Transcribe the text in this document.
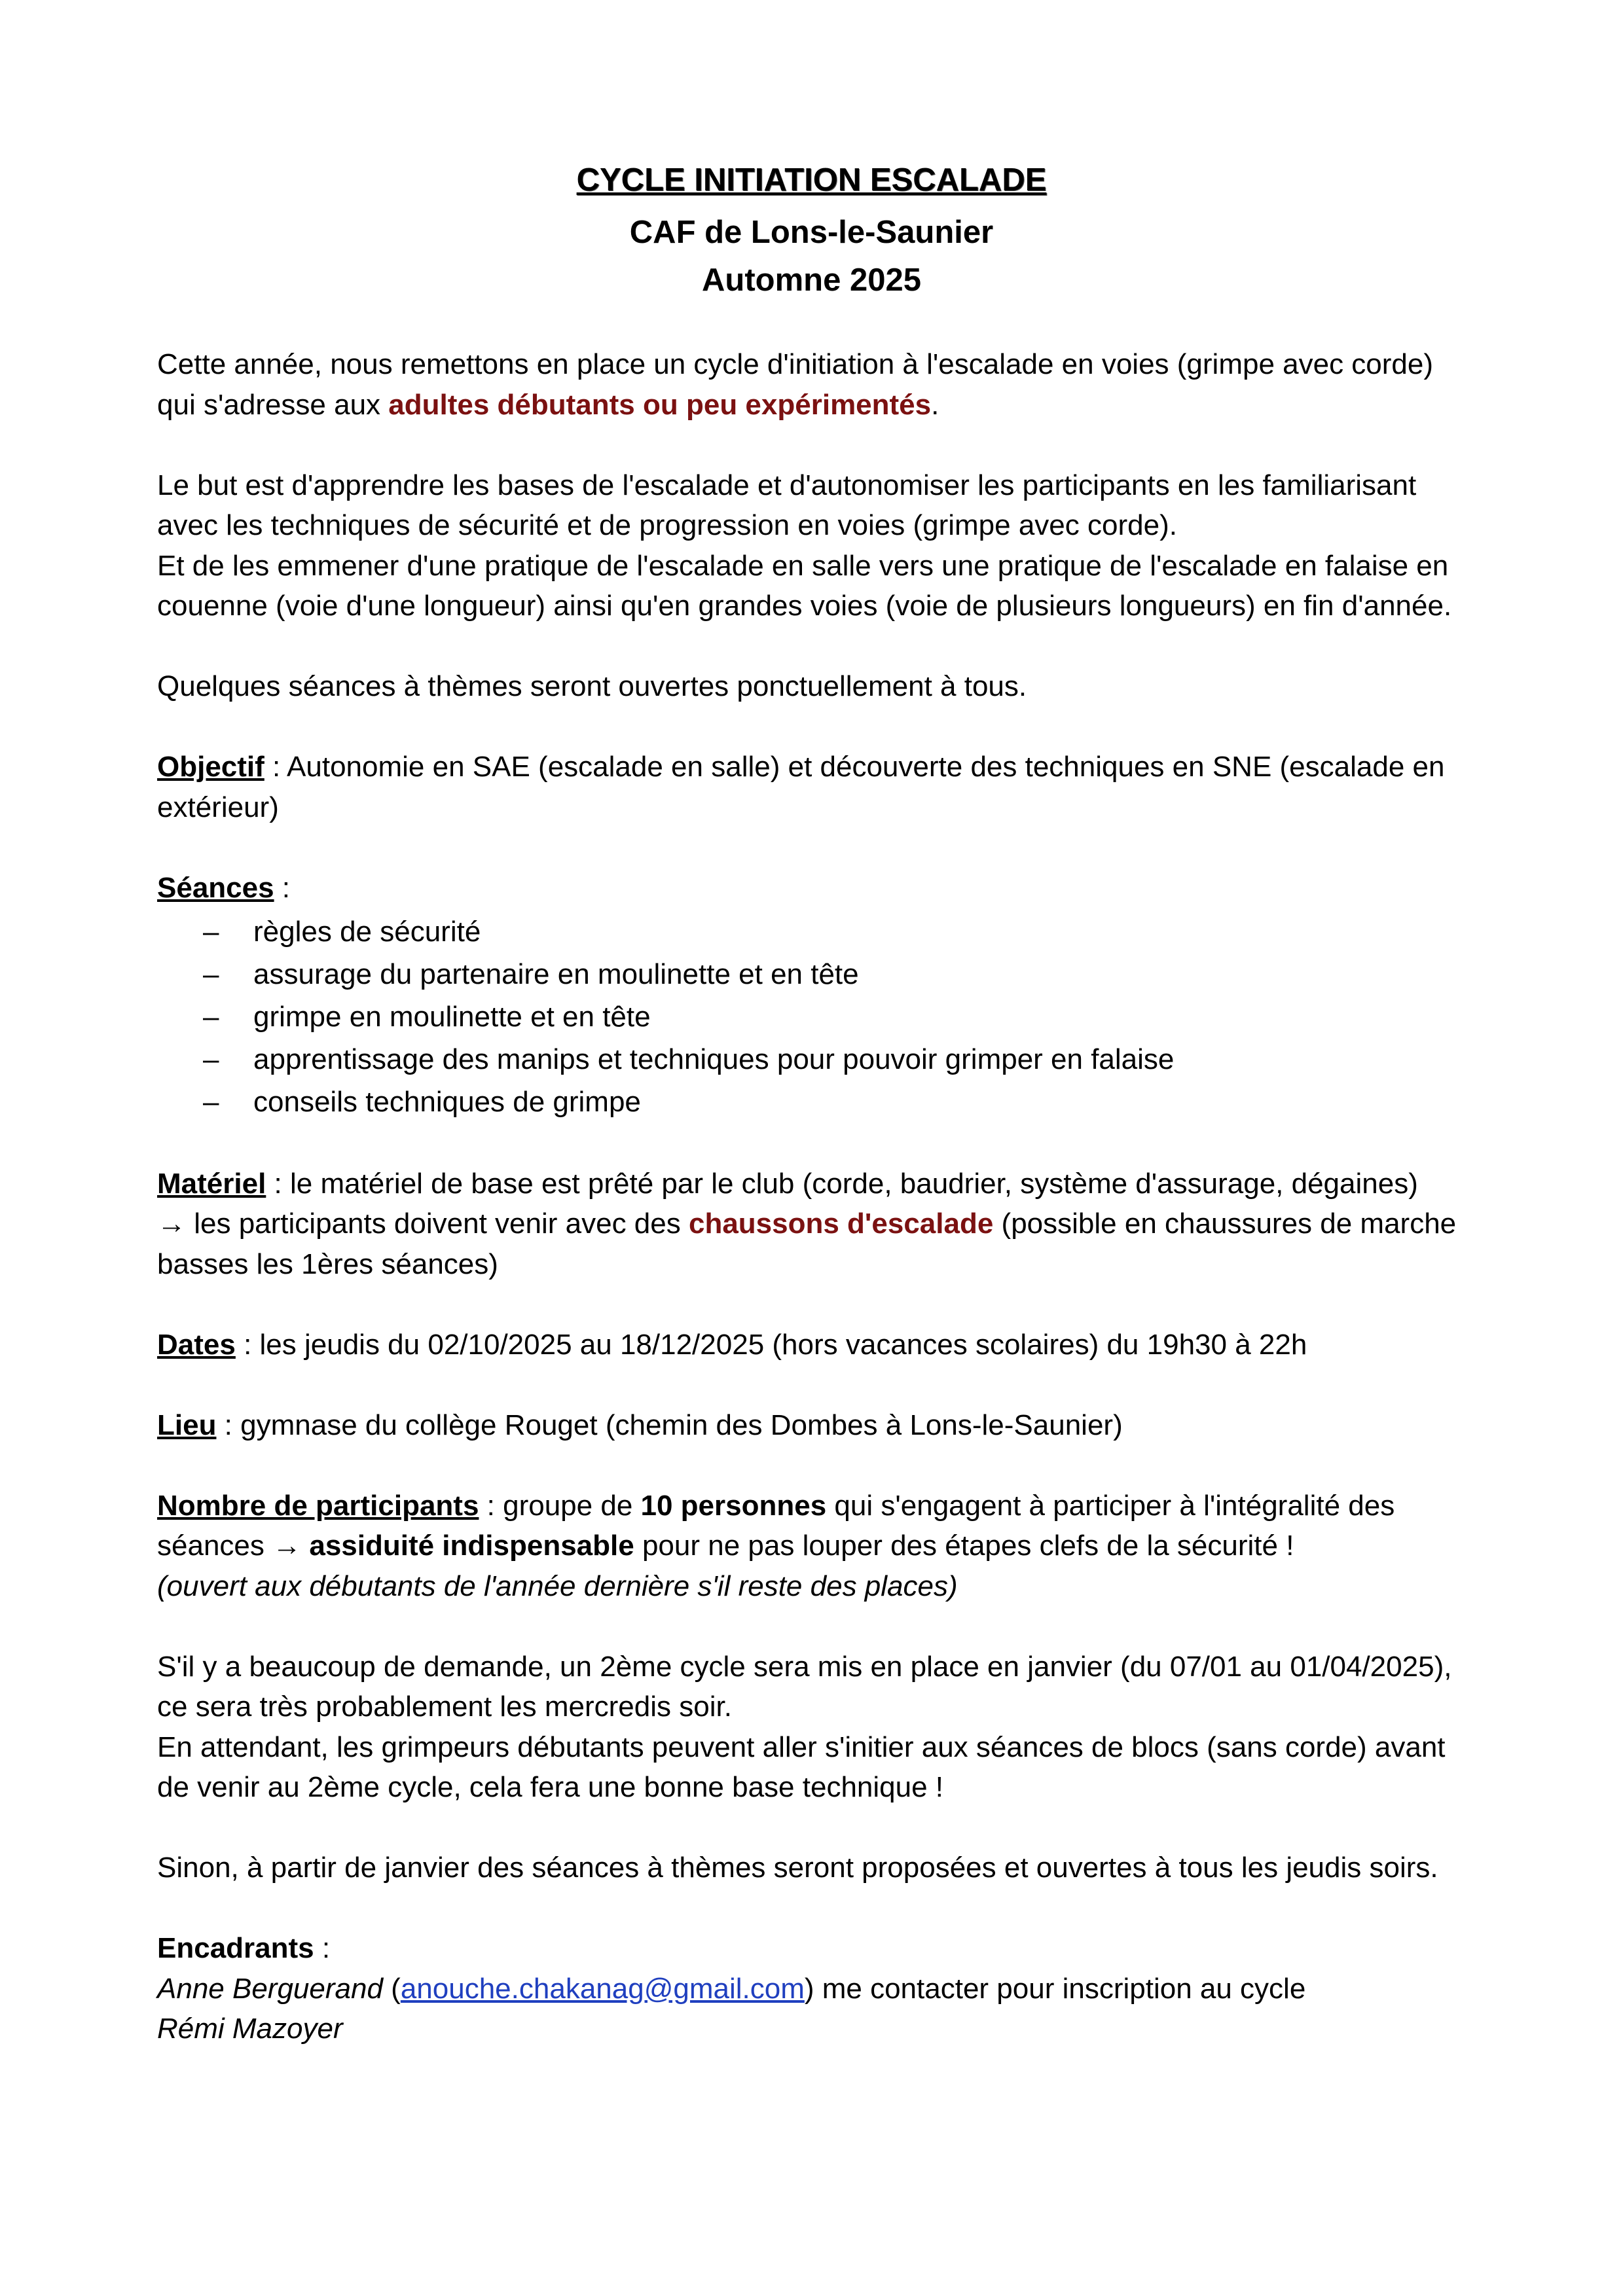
CYCLE INITIATION ESCALADE
CAF de Lons-le-Saunier
Automne 2025

Cette année, nous remettons en place un cycle d'initiation à l'escalade en voies (grimpe avec corde) qui s'adresse aux adultes débutants ou peu expérimentés.

Le but est d'apprendre les bases de l'escalade et d'autonomiser les participants en les familiarisant avec les techniques de sécurité et de progression en voies (grimpe avec corde).
Et de les emmener d'une pratique de l'escalade en salle vers une pratique de l'escalade en falaise en couenne (voie d'une longueur) ainsi qu'en grandes voies (voie de plusieurs longueurs) en fin d'année.

Quelques séances à thèmes seront ouvertes ponctuellement à tous.

Objectif : Autonomie en SAE (escalade en salle) et découverte des techniques en SNE (escalade en extérieur)

Séances :

– règles de sécurité
– assurage du partenaire en moulinette et en tête
– grimpe en moulinette et en tête
– apprentissage des manips et techniques pour pouvoir grimper en falaise
– conseils techniques de grimpe

Matériel : le matériel de base est prêté par le club (corde, baudrier, système d'assurage, dégaines)
→ les participants doivent venir avec des chaussons d'escalade (possible en chaussures de marche basses les 1ères séances)

Dates : les jeudis du 02/10/2025 au 18/12/2025 (hors vacances scolaires) du 19h30 à 22h

Lieu : gymnase du collège Rouget (chemin des Dombes à Lons-le-Saunier)

Nombre de participants : groupe de 10 personnes qui s'engagent à participer à l'intégralité des séances → assiduité indispensable pour ne pas louper des étapes clefs de la sécurité !
(ouvert aux débutants de l'année dernière s'il reste des places)

S'il y a beaucoup de demande, un 2ème cycle sera mis en place en janvier (du 07/01 au 01/04/2025), ce sera très probablement les mercredis soir.
En attendant, les grimpeurs débutants peuvent aller s'initier aux séances de blocs (sans corde) avant de venir au 2ème cycle, cela fera une bonne base technique !

Sinon, à partir de janvier des séances à thèmes seront proposées et ouvertes à tous les jeudis soirs.

Encadrants :

Anne Berguerand (anouche.chakanag@gmail.com) me contacter pour inscription au cycle

Rémi Mazoyer
